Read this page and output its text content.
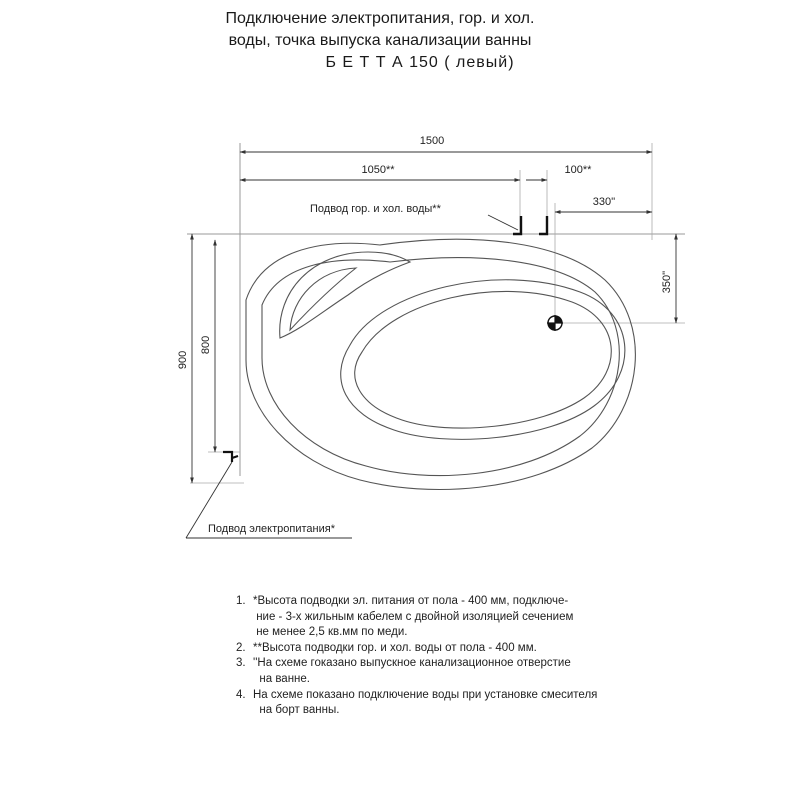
Подключение электропитания, гор. и хол.
воды, точка выпуска канализации ванны
Б Е Т Т А 150 ( левый)
1500
1050**	100**
330''
350''
900
800
Подвод гор. и хол. воды**
Подвод электропитания*
1. *Высота подводки эл. питания от пола - 400 мм, подключе-
ние - 3-х жильным кабелем с двойной изоляцией сечением
не менее 2,5 кв.мм по меди.
2. **Высота подводки гор. и хол. воды от пола - 400 мм.
3. ''На схеме гоказано выпускное канализационное отверстие
на ванне.
4. На схеме показано подключение воды при установке смесителя
на борт ванны.
